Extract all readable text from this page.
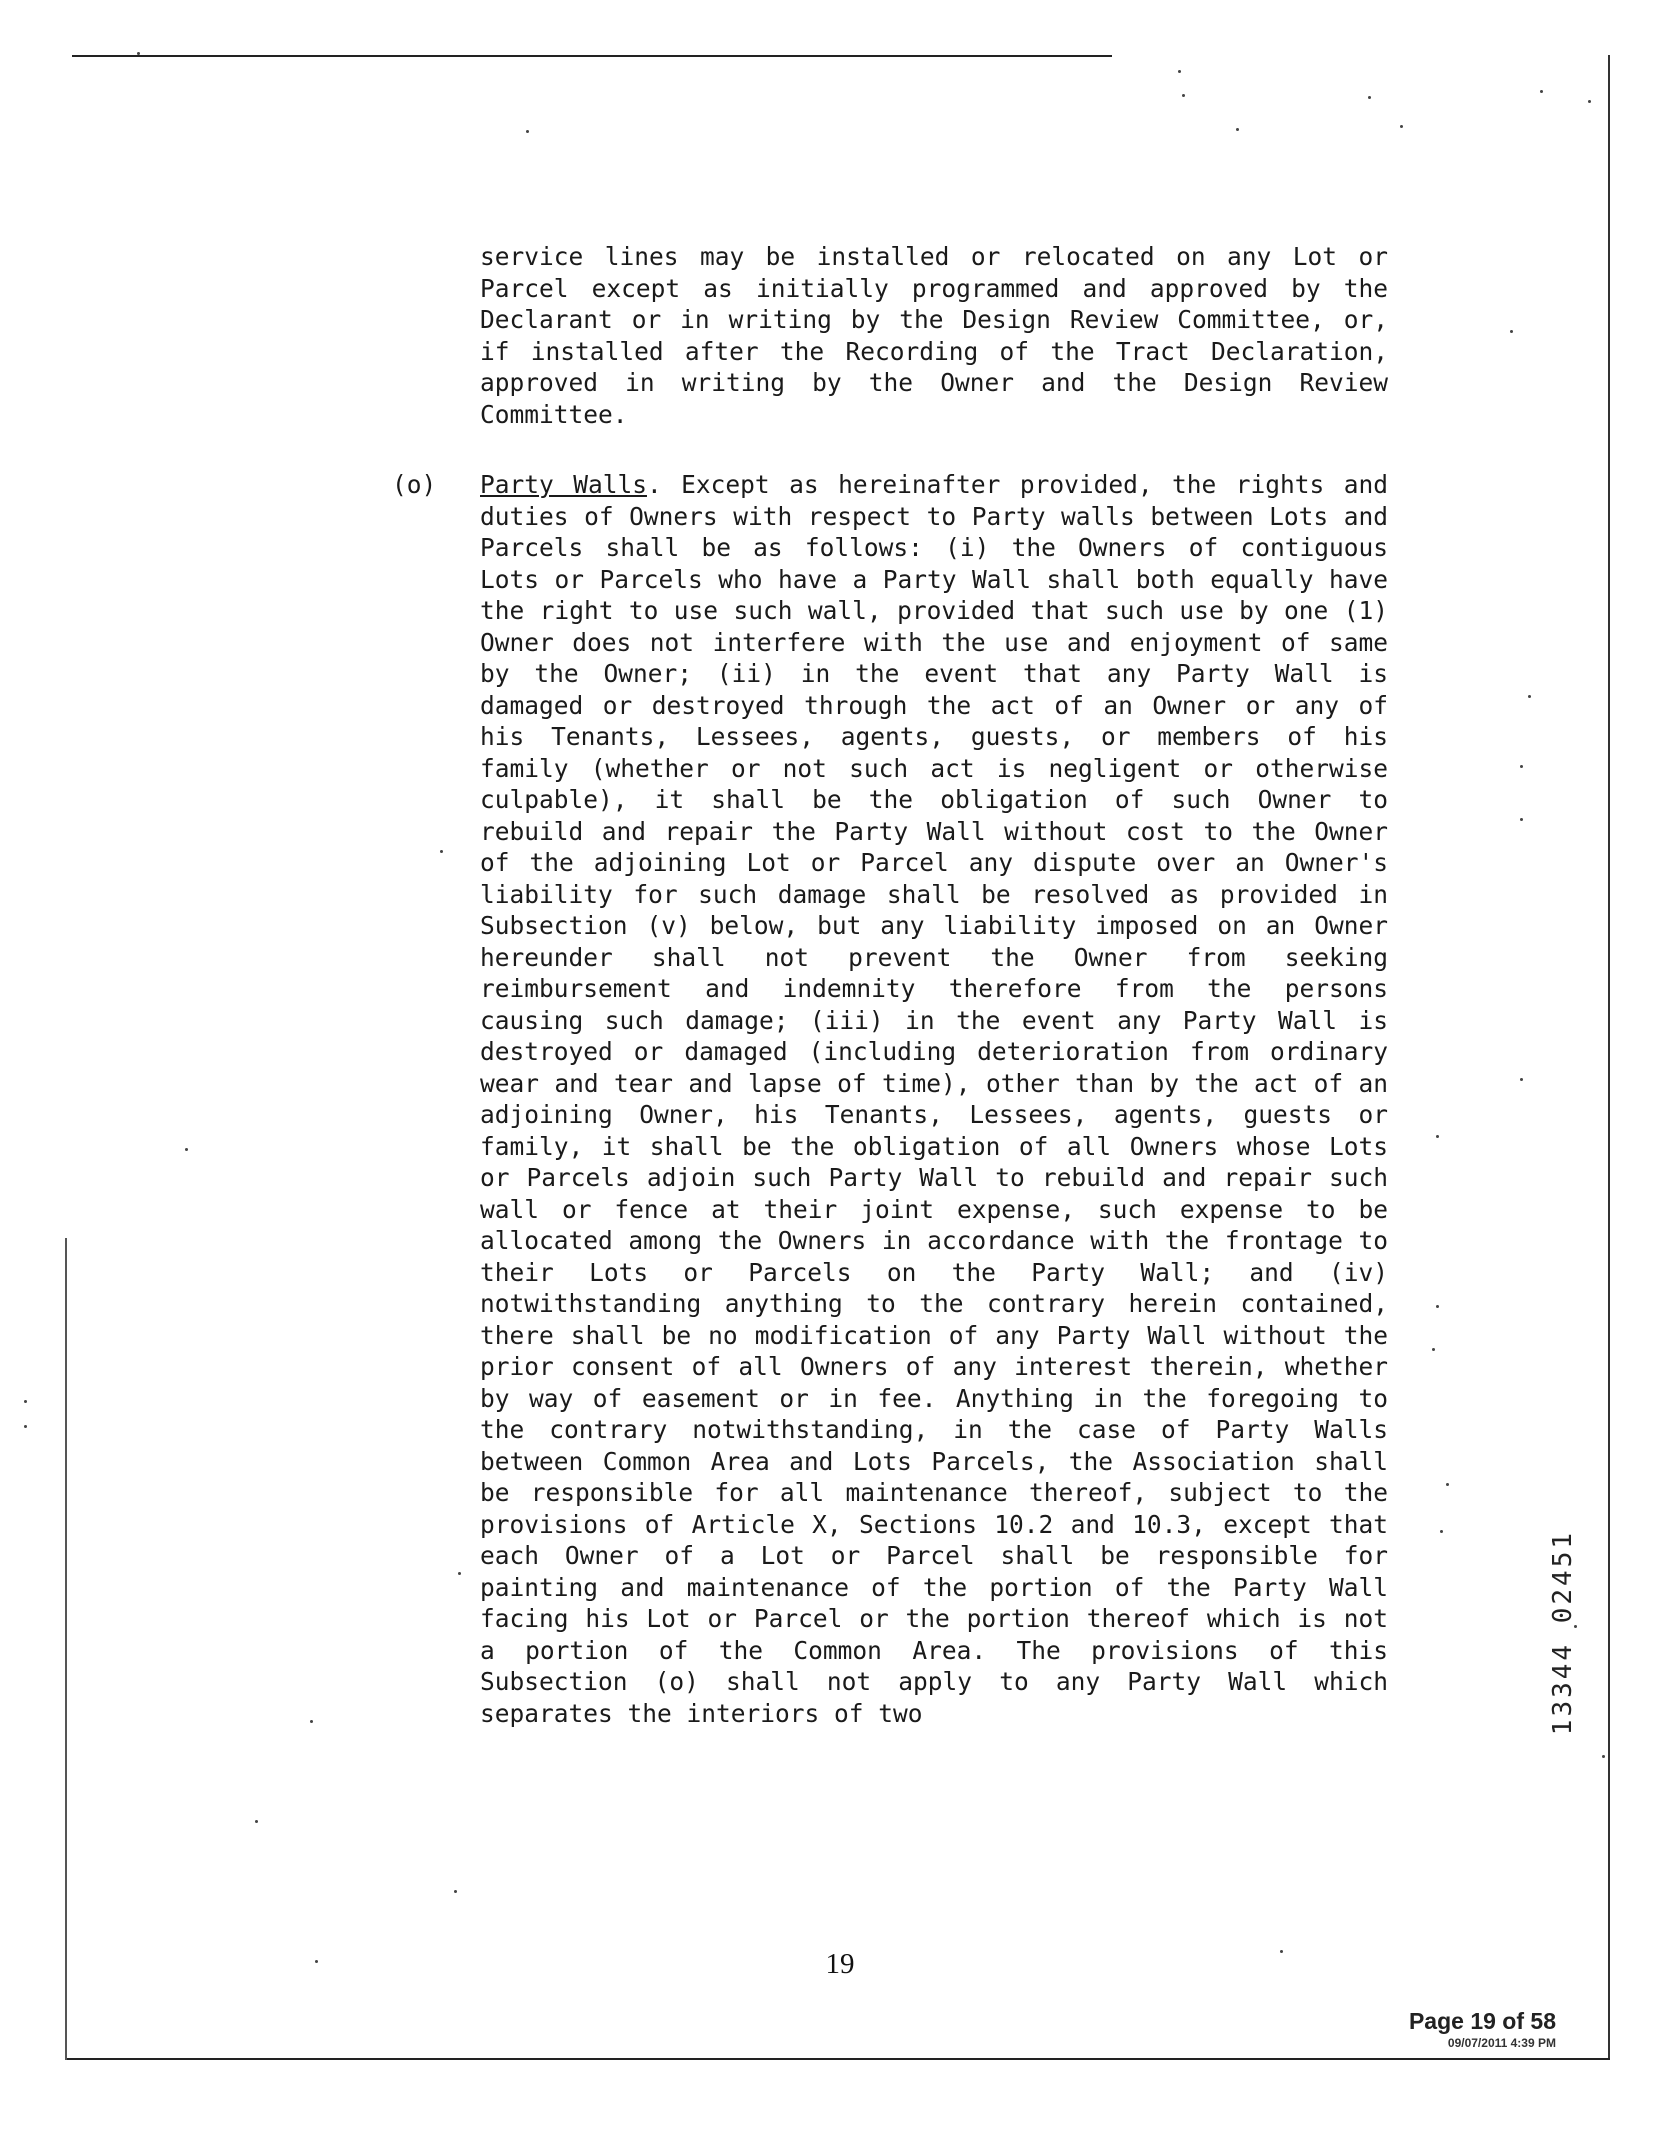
service lines may be installed or relocated on any Lot or Parcel except as initially programmed and approved by the Declarant or in writing by the Design Review Committee, or, if installed after the Recording of the Tract Declaration, approved in writing by the Owner and the Design Review Committee.

(o) Party Walls. Except as hereinafter provided, the rights and duties of Owners with respect to Party walls between Lots and Parcels shall be as follows: (i) the Owners of contiguous Lots or Parcels who have a Party Wall shall both equally have the right to use such wall, provided that such use by one (1) Owner does not interfere with the use and enjoyment of same by the Owner; (ii) in the event that any Party Wall is damaged or destroyed through the act of an Owner or any of his Tenants, Lessees, agents, guests, or members of his family (whether or not such act is negligent or otherwise culpable), it shall be the obligation of such Owner to rebuild and repair the Party Wall without cost to the Owner of the adjoining Lot or Parcel any dispute over an Owner's liability for such damage shall be resolved as provided in Subsection (v) below, but any liability imposed on an Owner hereunder shall not prevent the Owner from seeking reimbursement and indemnity therefore from the persons causing such damage; (iii) in the event any Party Wall is destroyed or damaged (including deterioration from ordinary wear and tear and lapse of time), other than by the act of an adjoining Owner, his Tenants, Lessees, agents, guests or family, it shall be the obligation of all Owners whose Lots or Parcels adjoin such Party Wall to rebuild and repair such wall or fence at their joint expense, such expense to be allocated among the Owners in accordance with the frontage to their Lots or Parcels on the Party Wall; and (iv) notwithstanding anything to the contrary herein contained, there shall be no modification of any Party Wall without the prior consent of all Owners of any interest therein, whether by way of easement or in fee. Anything in the foregoing to the contrary notwithstanding, in the case of Party Walls between Common Area and Lots Parcels, the Association shall be responsible for all maintenance thereof, subject to the provisions of Article X, Sections 10.2 and 10.3, except that each Owner of a Lot or Parcel shall be responsible for painting and maintenance of the portion of the Party Wall facing his Lot or Parcel or the portion thereof which is not a portion of the Common Area. The provisions of this Subsection (o) shall not apply to any Party Wall which separates the interiors of two

19
13344 02451
Page 19 of 58
09/07/2011 4:39 PM
